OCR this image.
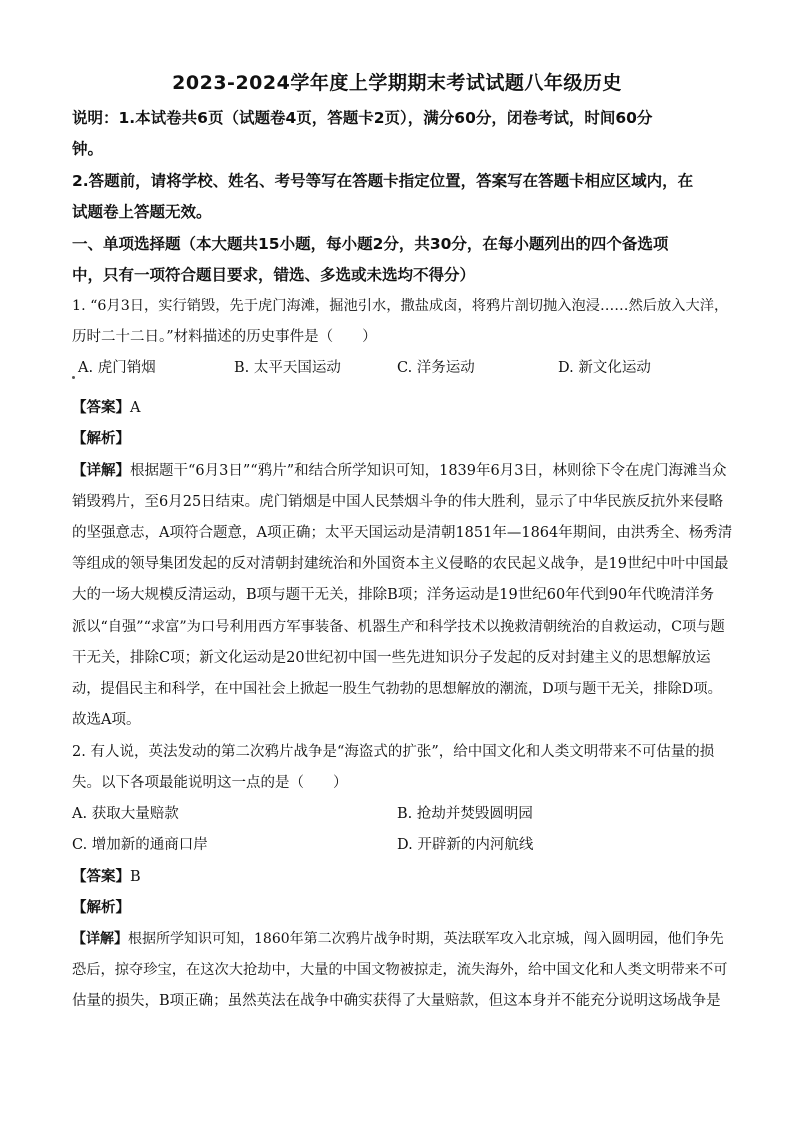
2023-2024学年度上学期期末考试试题八年级历史
说明：1.本试卷共6页（试题卷4页，答题卡2页），满分60分，闭卷考试，时间60分
钟。
2.答题前，请将学校、姓名、考号等写在答题卡指定位置，答案写在答题卡相应区域内，在
试题卷上答题无效。
一、单项选择题（本大题共15小题，每小题2分，共30分，在每小题列出的四个备选项
中，只有一项符合题目要求，错选、多选或未选均不得分）
1. “6月3日，实行销毁，先于虎门海滩，掘池引水，撒盐成卤，将鸦片剖切抛入泡浸……然后放入大洋，
历时二十二日。”材料描述的历史事件是（　　）
A. 虎门销烟	B. 太平天国运动	C. 洋务运动	D. 新文化运动
【答案】A
【解析】
【详解】根据题干“6月3日”“鸦片”和结合所学知识可知，1839年6月3日，林则徐下令在虎门海滩当众
销毁鸦片，至6月25日结束。虎门销烟是中国人民禁烟斗争的伟大胜利，显示了中华民族反抗外来侵略
的坚强意志，A项符合题意，A项正确；太平天国运动是清朝1851年—1864年期间，由洪秀全、杨秀清
等组成的领导集团发起的反对清朝封建统治和外国资本主义侵略的农民起义战争，是19世纪中叶中国最
大的一场大规模反清运动，B项与题干无关，排除B项；洋务运动是19世纪60年代到90年代晚清洋务
派以“自强”“求富”为口号利用西方军事装备、机器生产和科学技术以挽救清朝统治的自救运动，C项与题
干无关，排除C项；新文化运动是20世纪初中国一些先进知识分子发起的反对封建主义的思想解放运
动，提倡民主和科学，在中国社会上掀起一股生气勃勃的思想解放的潮流，D项与题干无关，排除D项。
故选A项。
2. 有人说，英法发动的第二次鸦片战争是“海盗式的扩张”，给中国文化和人类文明带来不可估量的损
失。以下各项最能说明这一点的是（　　）
A. 获取大量赔款	B. 抢劫并焚毁圆明园
C. 增加新的通商口岸	D. 开辟新的内河航线
【答案】B
【解析】
【详解】根据所学知识可知，1860年第二次鸦片战争时期，英法联军攻入北京城，闯入圆明园，他们争先
恐后，掠夺珍宝，在这次大抢劫中，大量的中国文物被掠走，流失海外，给中国文化和人类文明带来不可
估量的损失，B项正确；虽然英法在战争中确实获得了大量赔款，但这本身并不能充分说明这场战争是
